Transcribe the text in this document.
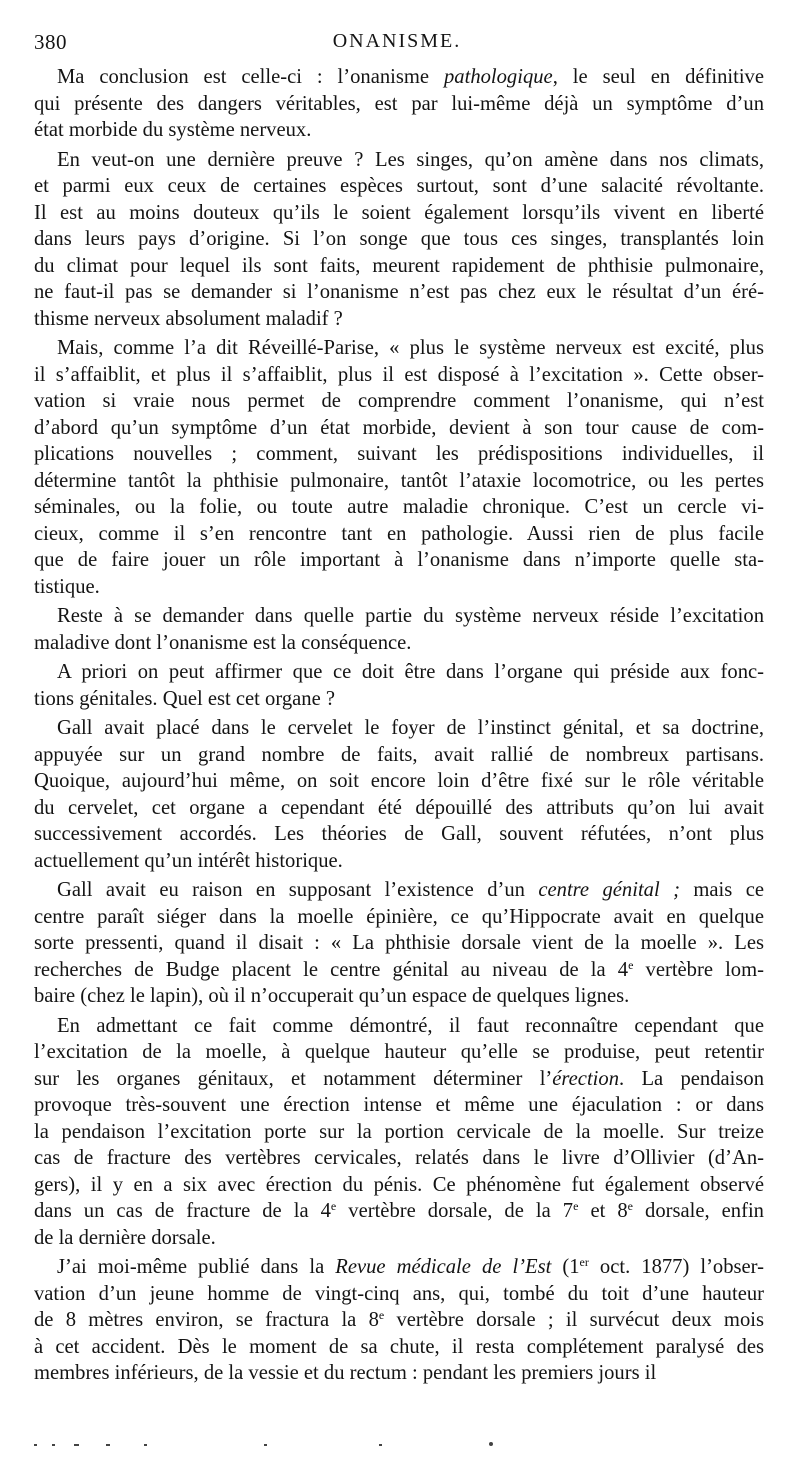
380	ONANISME.
Ma conclusion est celle-ci : l’onanisme pathologique, le seul en définitive
qui présente des dangers véritables, est par lui-même déjà un symptôme d’un
état morbide du système nerveux.
En veut-on une dernière preuve ? Les singes, qu’on amène dans nos climats,
et parmi eux ceux de certaines espèces surtout, sont d’une salacité révoltante.
Il est au moins douteux qu’ils le soient également lorsqu’ils vivent en liberté
dans leurs pays d’origine. Si l’on songe que tous ces singes, transplantés loin
du climat pour lequel ils sont faits, meurent rapidement de phthisie pulmonaire,
ne faut-il pas se demander si l’onanisme n’est pas chez eux le résultat d’un éré-
thisme nerveux absolument maladif ?
Mais, comme l’a dit Réveillé-Parise, « plus le système nerveux est excité, plus
il s’affaiblit, et plus il s’affaiblit, plus il est disposé à l’excitation ». Cette obser-
vation si vraie nous permet de comprendre comment l’onanisme, qui n’est
d’abord qu’un symptôme d’un état morbide, devient à son tour cause de com-
plications nouvelles ; comment, suivant les prédispositions individuelles, il
détermine tantôt la phthisie pulmonaire, tantôt l’ataxie locomotrice, ou les pertes
séminales, ou la folie, ou toute autre maladie chronique. C’est un cercle vi-
cieux, comme il s’en rencontre tant en pathologie. Aussi rien de plus facile
que de faire jouer un rôle important à l’onanisme dans n’importe quelle sta-
tistique.
Reste à se demander dans quelle partie du système nerveux réside l’excitation
maladive dont l’onanisme est la conséquence.
A priori on peut affirmer que ce doit être dans l’organe qui préside aux fonc-
tions génitales. Quel est cet organe ?
Gall avait placé dans le cervelet le foyer de l’instinct génital, et sa doctrine,
appuyée sur un grand nombre de faits, avait rallié de nombreux partisans.
Quoique, aujourd’hui même, on soit encore loin d’être fixé sur le rôle véritable
du cervelet, cet organe a cependant été dépouillé des attributs qu’on lui avait
successivement accordés. Les théories de Gall, souvent réfutées, n’ont plus
actuellement qu’un intérêt historique.
Gall avait eu raison en supposant l’existence d’un centre génital ; mais ce
centre paraît siéger dans la moelle épinière, ce qu’Hippocrate avait en quelque
sorte pressenti, quand il disait : « La phthisie dorsale vient de la moelle ». Les
recherches de Budge placent le centre génital au niveau de la 4e vertèbre lom-
baire (chez le lapin), où il n’occuperait qu’un espace de quelques lignes.
En admettant ce fait comme démontré, il faut reconnaître cependant que
l’excitation de la moelle, à quelque hauteur qu’elle se produise, peut retentir
sur les organes génitaux, et notamment déterminer l’érection. La pendaison
provoque très-souvent une érection intense et même une éjaculation : or dans
la pendaison l’excitation porte sur la portion cervicale de la moelle. Sur treize
cas de fracture des vertèbres cervicales, relatés dans le livre d’Ollivier (d’An-
gers), il y en a six avec érection du pénis. Ce phénomène fut également observé
dans un cas de fracture de la 4e vertèbre dorsale, de la 7e et 8e dorsale, enfin
de la dernière dorsale.
J’ai moi-même publié dans la Revue médicale de l’Est (1er oct. 1877) l’obser-
vation d’un jeune homme de vingt-cinq ans, qui, tombé du toit d’une hauteur
de 8 mètres environ, se fractura la 8e vertèbre dorsale ; il survécut deux mois
à cet accident. Dès le moment de sa chute, il resta complétement paralysé des
membres inférieurs, de la vessie et du rectum : pendant les premiers jours il
